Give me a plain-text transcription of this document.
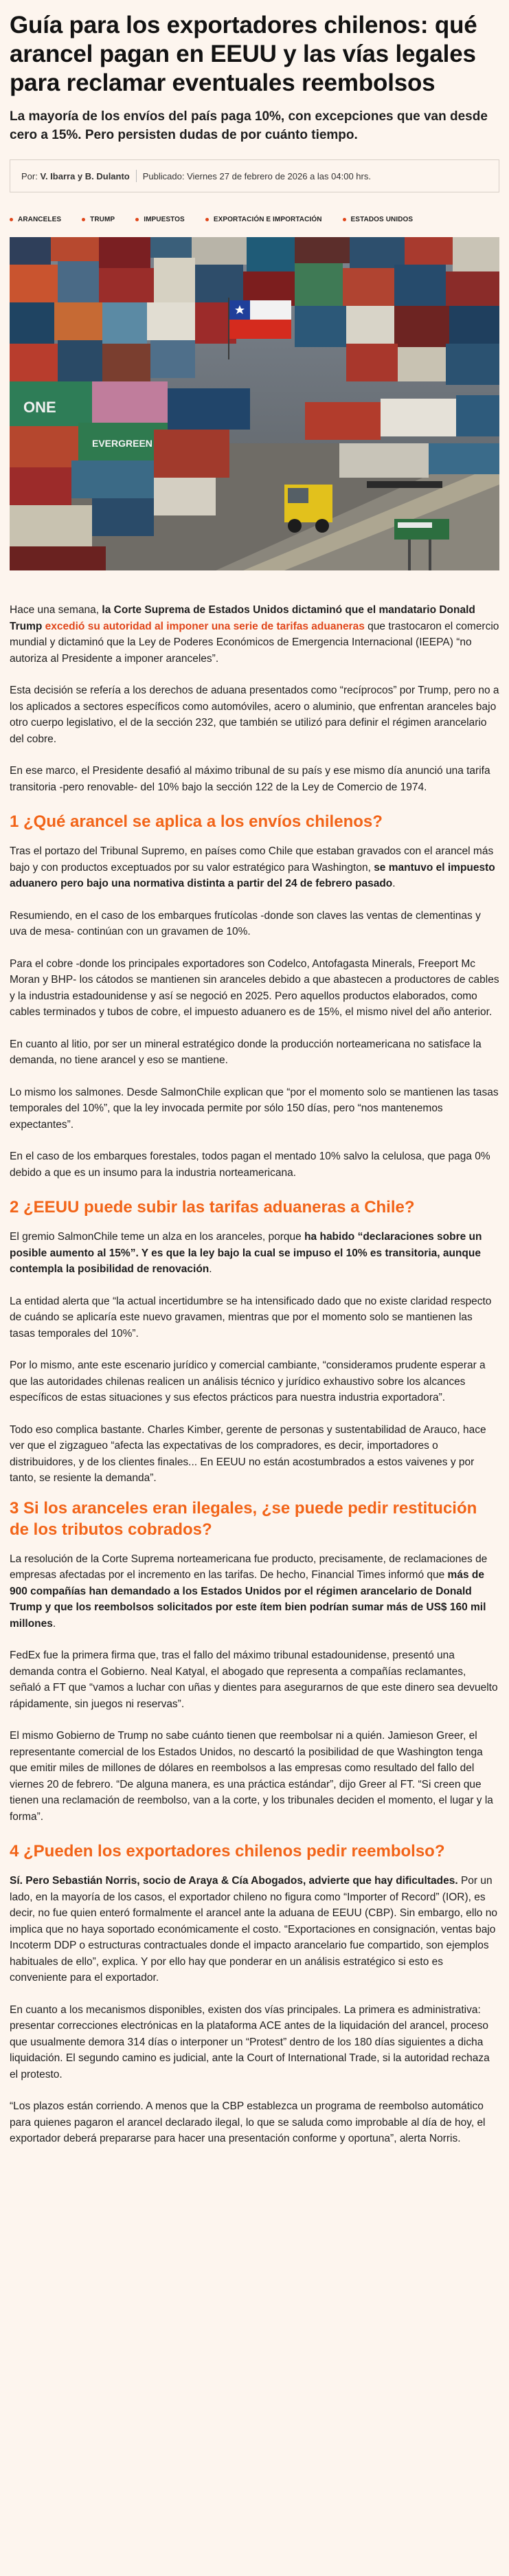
Guía para los exportadores chilenos: qué arancel pagan en EEUU y las vías legales para reclamar eventuales reembolsos
La mayoría de los envíos del país paga 10%, con excepciones que van desde cero a 15%. Pero persisten dudas de por cuánto tiempo.
Por:
V. Ibarra y B. Dulanto Publicado: Viernes 27 de febrero de 2026 a las 04:00 hrs.
ARANCELES	TRUMP	IMPUESTOS	EXPORTACIÓN E IMPORTACIÓN	ESTADOS UNIDOS
ONE
EVERGREEN

Hace una semana, la Corte Suprema de Estados Unidos dictaminó que el mandatario Donald Trump excedió su autoridad al imponer una serie de tarifas aduaneras que trastocaron el comercio mundial y dictaminó que la Ley de Poderes Económicos de Emergencia Internacional (IEEPA) “no autoriza al Presidente a imponer aranceles”.

Esta decisión se refería a los derechos de aduana presentados como “recíprocos” por Trump, pero no a los aplicados a sectores específicos como automóviles, acero o aluminio, que enfrentan aranceles bajo otro cuerpo legislativo, el de la sección 232, que también se utilizó para definir el régimen arancelario del cobre.

En ese marco, el Presidente desafió al máximo tribunal de su país y ese mismo día anunció una tarifa transitoria -pero renovable- del 10% bajo la sección 122 de la Ley de Comercio de 1974.

1 ¿Qué arancel se aplica a los envíos chilenos?

Tras el portazo del Tribunal Supremo, en países como Chile que estaban gravados con el arancel más bajo y con productos exceptuados por su valor estratégico para Washington, se mantuvo el impuesto aduanero pero bajo una normativa distinta a partir del 24 de febrero pasado.

Resumiendo, en el caso de los embarques frutícolas -donde son claves las ventas de clementinas y uva de mesa- continúan con un gravamen de 10%.

Para el cobre -donde los principales exportadores son Codelco, Antofagasta Minerals, Freeport Mc Moran y BHP- los cátodos se mantienen sin aranceles debido a que abastecen a productores de cables y la industria estadounidense y así se negoció en 2025. Pero aquellos productos elaborados, como cables terminados y tubos de cobre, el impuesto aduanero es de 15%, el mismo nivel del año anterior.

En cuanto al litio, por ser un mineral estratégico donde la producción norteamericana no satisface la demanda, no tiene arancel y eso se mantiene.

Lo mismo los salmones. Desde SalmonChile explican que “por el momento solo se mantienen las tasas temporales del 10%”, que la ley invocada permite por sólo 150 días, pero “nos mantenemos expectantes”.

En el caso de los embarques forestales, todos pagan el mentado 10% salvo la celulosa, que paga 0% debido a que es un insumo para la industria norteamericana.

2 ¿EEUU puede subir las tarifas aduaneras a Chile?

El gremio SalmonChile teme un alza en los aranceles, porque ha habido “declaraciones sobre un posible aumento al 15%”. Y es que la ley bajo la cual se impuso el 10% es transitoria, aunque contempla la posibilidad de renovación.

La entidad alerta que “la actual incertidumbre se ha intensificado dado que no existe claridad respecto de cuándo se aplicaría este nuevo gravamen, mientras que por el momento solo se mantienen las tasas temporales del 10%”.

Por lo mismo, ante este escenario jurídico y comercial cambiante, “consideramos prudente esperar a que las autoridades chilenas realicen un análisis técnico y jurídico exhaustivo sobre los alcances específicos de estas situaciones y sus efectos prácticos para nuestra industria exportadora”.

Todo eso complica bastante. Charles Kimber, gerente de personas y sustentabilidad de Arauco, hace ver que el zigzagueo “afecta las expectativas de los compradores, es decir, importadores o distribuidores, y de los clientes finales... En EEUU no están acostumbrados a estos vaivenes y por tanto, se resiente la demanda”.

3 Si los aranceles eran ilegales, ¿se puede pedir restitución de los tributos cobrados?

La resolución de la Corte Suprema norteamericana fue producto, precisamente, de reclamaciones de empresas afectadas por el incremento en las tarifas. De hecho, Financial Times informó que más de 900 compañías han demandado a los Estados Unidos por el régimen arancelario de Donald Trump y que los reembolsos solicitados por este ítem bien podrían sumar más de US$ 160 mil millones.

FedEx fue la primera firma que, tras el fallo del máximo tribunal estadounidense, presentó una demanda contra el Gobierno. Neal Katyal, el abogado que representa a compañías reclamantes, señaló a FT que “vamos a luchar con uñas y dientes para asegurarnos de que este dinero sea devuelto rápidamente, sin juegos ni reservas”.

El mismo Gobierno de Trump no sabe cuánto tienen que reembolsar ni a quién. Jamieson Greer, el representante comercial de los Estados Unidos, no descartó la posibilidad de que Washington tenga que emitir miles de millones de dólares en reembolsos a las empresas como resultado del fallo del viernes 20 de febrero. “De alguna manera, es una práctica estándar”, dijo Greer al FT. “Si creen que tienen una reclamación de reembolso, van a la corte, y los tribunales deciden el momento, el lugar y la forma”.

4 ¿Pueden los exportadores chilenos pedir reembolso?

Sí. Pero Sebastián Norris, socio de Araya & Cía Abogados, advierte que hay dificultades. Por un lado, en la mayoría de los casos, el exportador chileno no figura como “Importer of Record” (IOR), es decir, no fue quien enteró formalmente el arancel ante la aduana de EEUU (CBP). Sin embargo, ello no implica que no haya soportado económicamente el costo. “Exportaciones en consignación, ventas bajo Incoterm DDP o estructuras contractuales donde el impacto arancelario fue compartido, son ejemplos habituales de ello”, explica. Y por ello hay que ponderar en un análisis estratégico si esto es conveniente para el exportador.

En cuanto a los mecanismos disponibles, existen dos vías principales. La primera es administrativa: presentar correcciones electrónicas en la plataforma ACE antes de la liquidación del arancel, proceso que usualmente demora 314 días o interponer un “Protest” dentro de los 180 días siguientes a dicha liquidación. El segundo camino es judicial, ante la Court of International Trade, si la autoridad rechaza el protesto.

“Los plazos están corriendo. A menos que la CBP establezca un programa de reembolso automático para quienes pagaron el arancel declarado ilegal, lo que se saluda como improbable al día de hoy, el exportador deberá prepararse para hacer una presentación conforme y oportuna”, alerta Norris.
